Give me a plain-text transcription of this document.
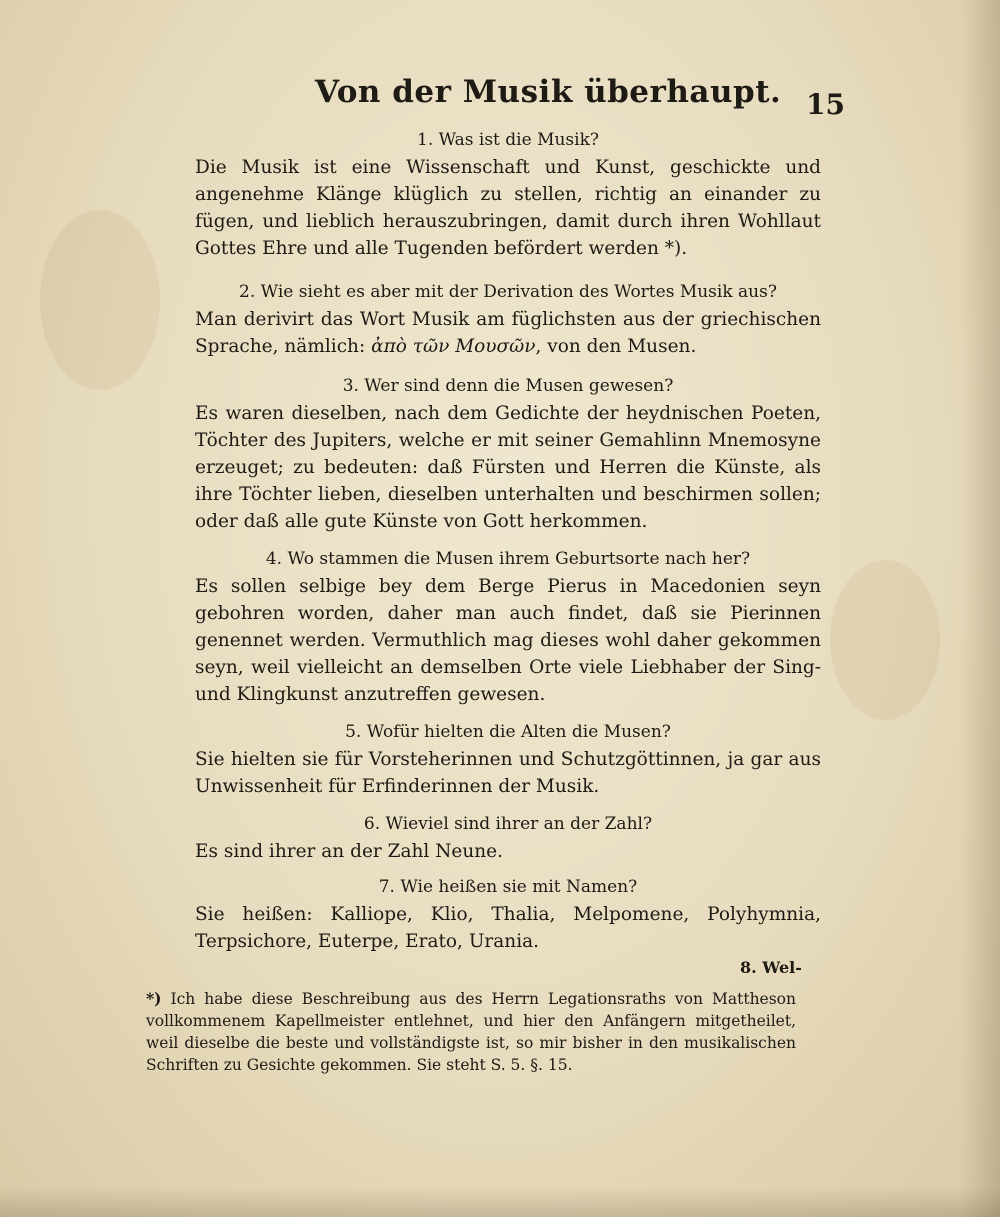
Von der Musik überhaupt. 15

1. Was ist die Musik?

Die Musik ist eine Wissenschaft und Kunst, geschickte und angenehme Klänge klüglich zu stellen, richtig an einander zu fügen, und lieblich herauszubringen, damit durch ihren Wohllaut Gottes Ehre und alle Tugenden befördert werden *).

2. Wie sieht es aber mit der Derivation des Wortes Musik aus?

Man derivirt das Wort Musik am füglichsten aus der griechischen Sprache, nämlich: ἀπὸ τῶν Μουσῶν, von den Musen.

3. Wer sind denn die Musen gewesen?

Es waren dieselben, nach dem Gedichte der heydnischen Poeten, Töchter des Jupiters, welche er mit seiner Gemahlinn Mnemosyne erzeuget; zu bedeuten: daß Fürsten und Herren die Künste, als ihre Töchter lieben, dieselben unterhalten und beschirmen sollen; oder daß alle gute Künste von Gott herkommen.

4. Wo stammen die Musen ihrem Geburtsorte nach her?

Es sollen selbige bey dem Berge Pierus in Macedonien seyn gebohren worden, daher man auch findet, daß sie Pierinnen genennet werden. Vermuthlich mag dieses wohl daher gekommen seyn, weil vielleicht an demselben Orte viele Liebhaber der Sing- und Klingkunst anzutreffen gewesen.

5. Wofür hielten die Alten die Musen?

Sie hielten sie für Vorsteherinnen und Schutzgöttinnen, ja gar aus Unwissenheit für Erfinderinnen der Musik.

6. Wieviel sind ihrer an der Zahl?

Es sind ihrer an der Zahl Neune.

7. Wie heißen sie mit Namen?

Sie heißen: Kalliope, Klio, Thalia, Melpomene, Polyhymnia, Terpsichore, Euterpe, Erato, Urania.

8. Wel-
*) Ich habe diese Beschreibung aus des Herrn Legationsraths von Mattheson vollkommenem Kapellmeister entlehnet, und hier den Anfängern mitgetheilet, weil dieselbe die beste und vollständigste ist, so mir bisher in den musikalischen Schriften zu Gesichte gekommen. Sie steht S. 5. §. 15.
